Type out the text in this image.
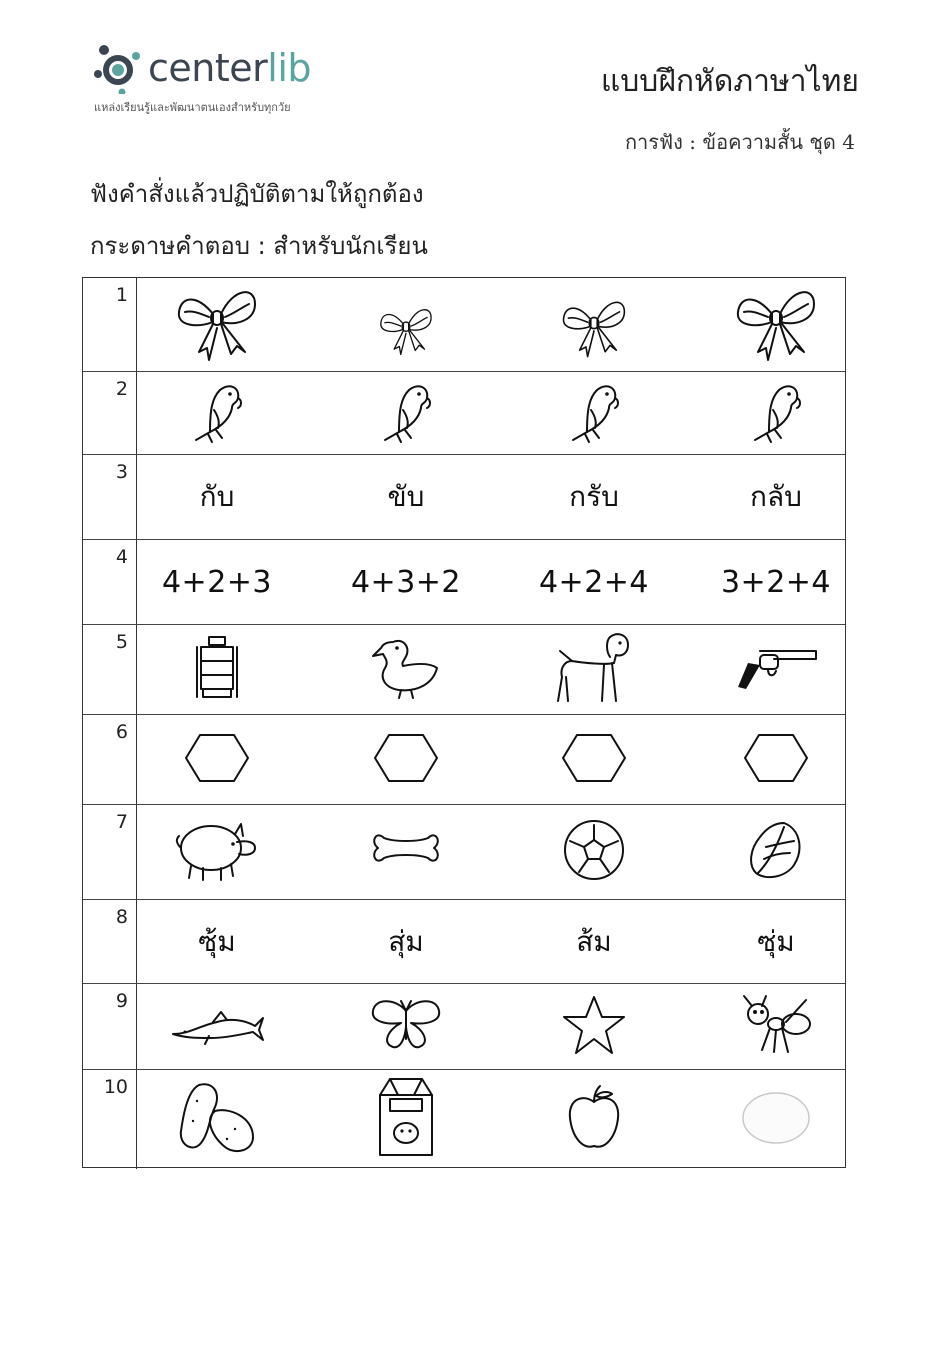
centerlib
แหล่งเรียนรู้และพัฒนาตนเองสำหรับทุกวัย
แบบฝึกหัดภาษาไทย
การฟัง : ข้อความสั้น ชุด 4
ฟังคำสั่งแล้วปฏิบัติตามให้ถูกต้อง
กระดาษคำตอบ : สำหรับนักเรียน
1
2
3
กับ	ขับ	กรับ	กลับ
4
4+2+3	4+3+2	4+2+4 3+2+4
5
6
7
8
ซุ้ม	สุ่ม	ส้ม	ซุ่ม
9
10
